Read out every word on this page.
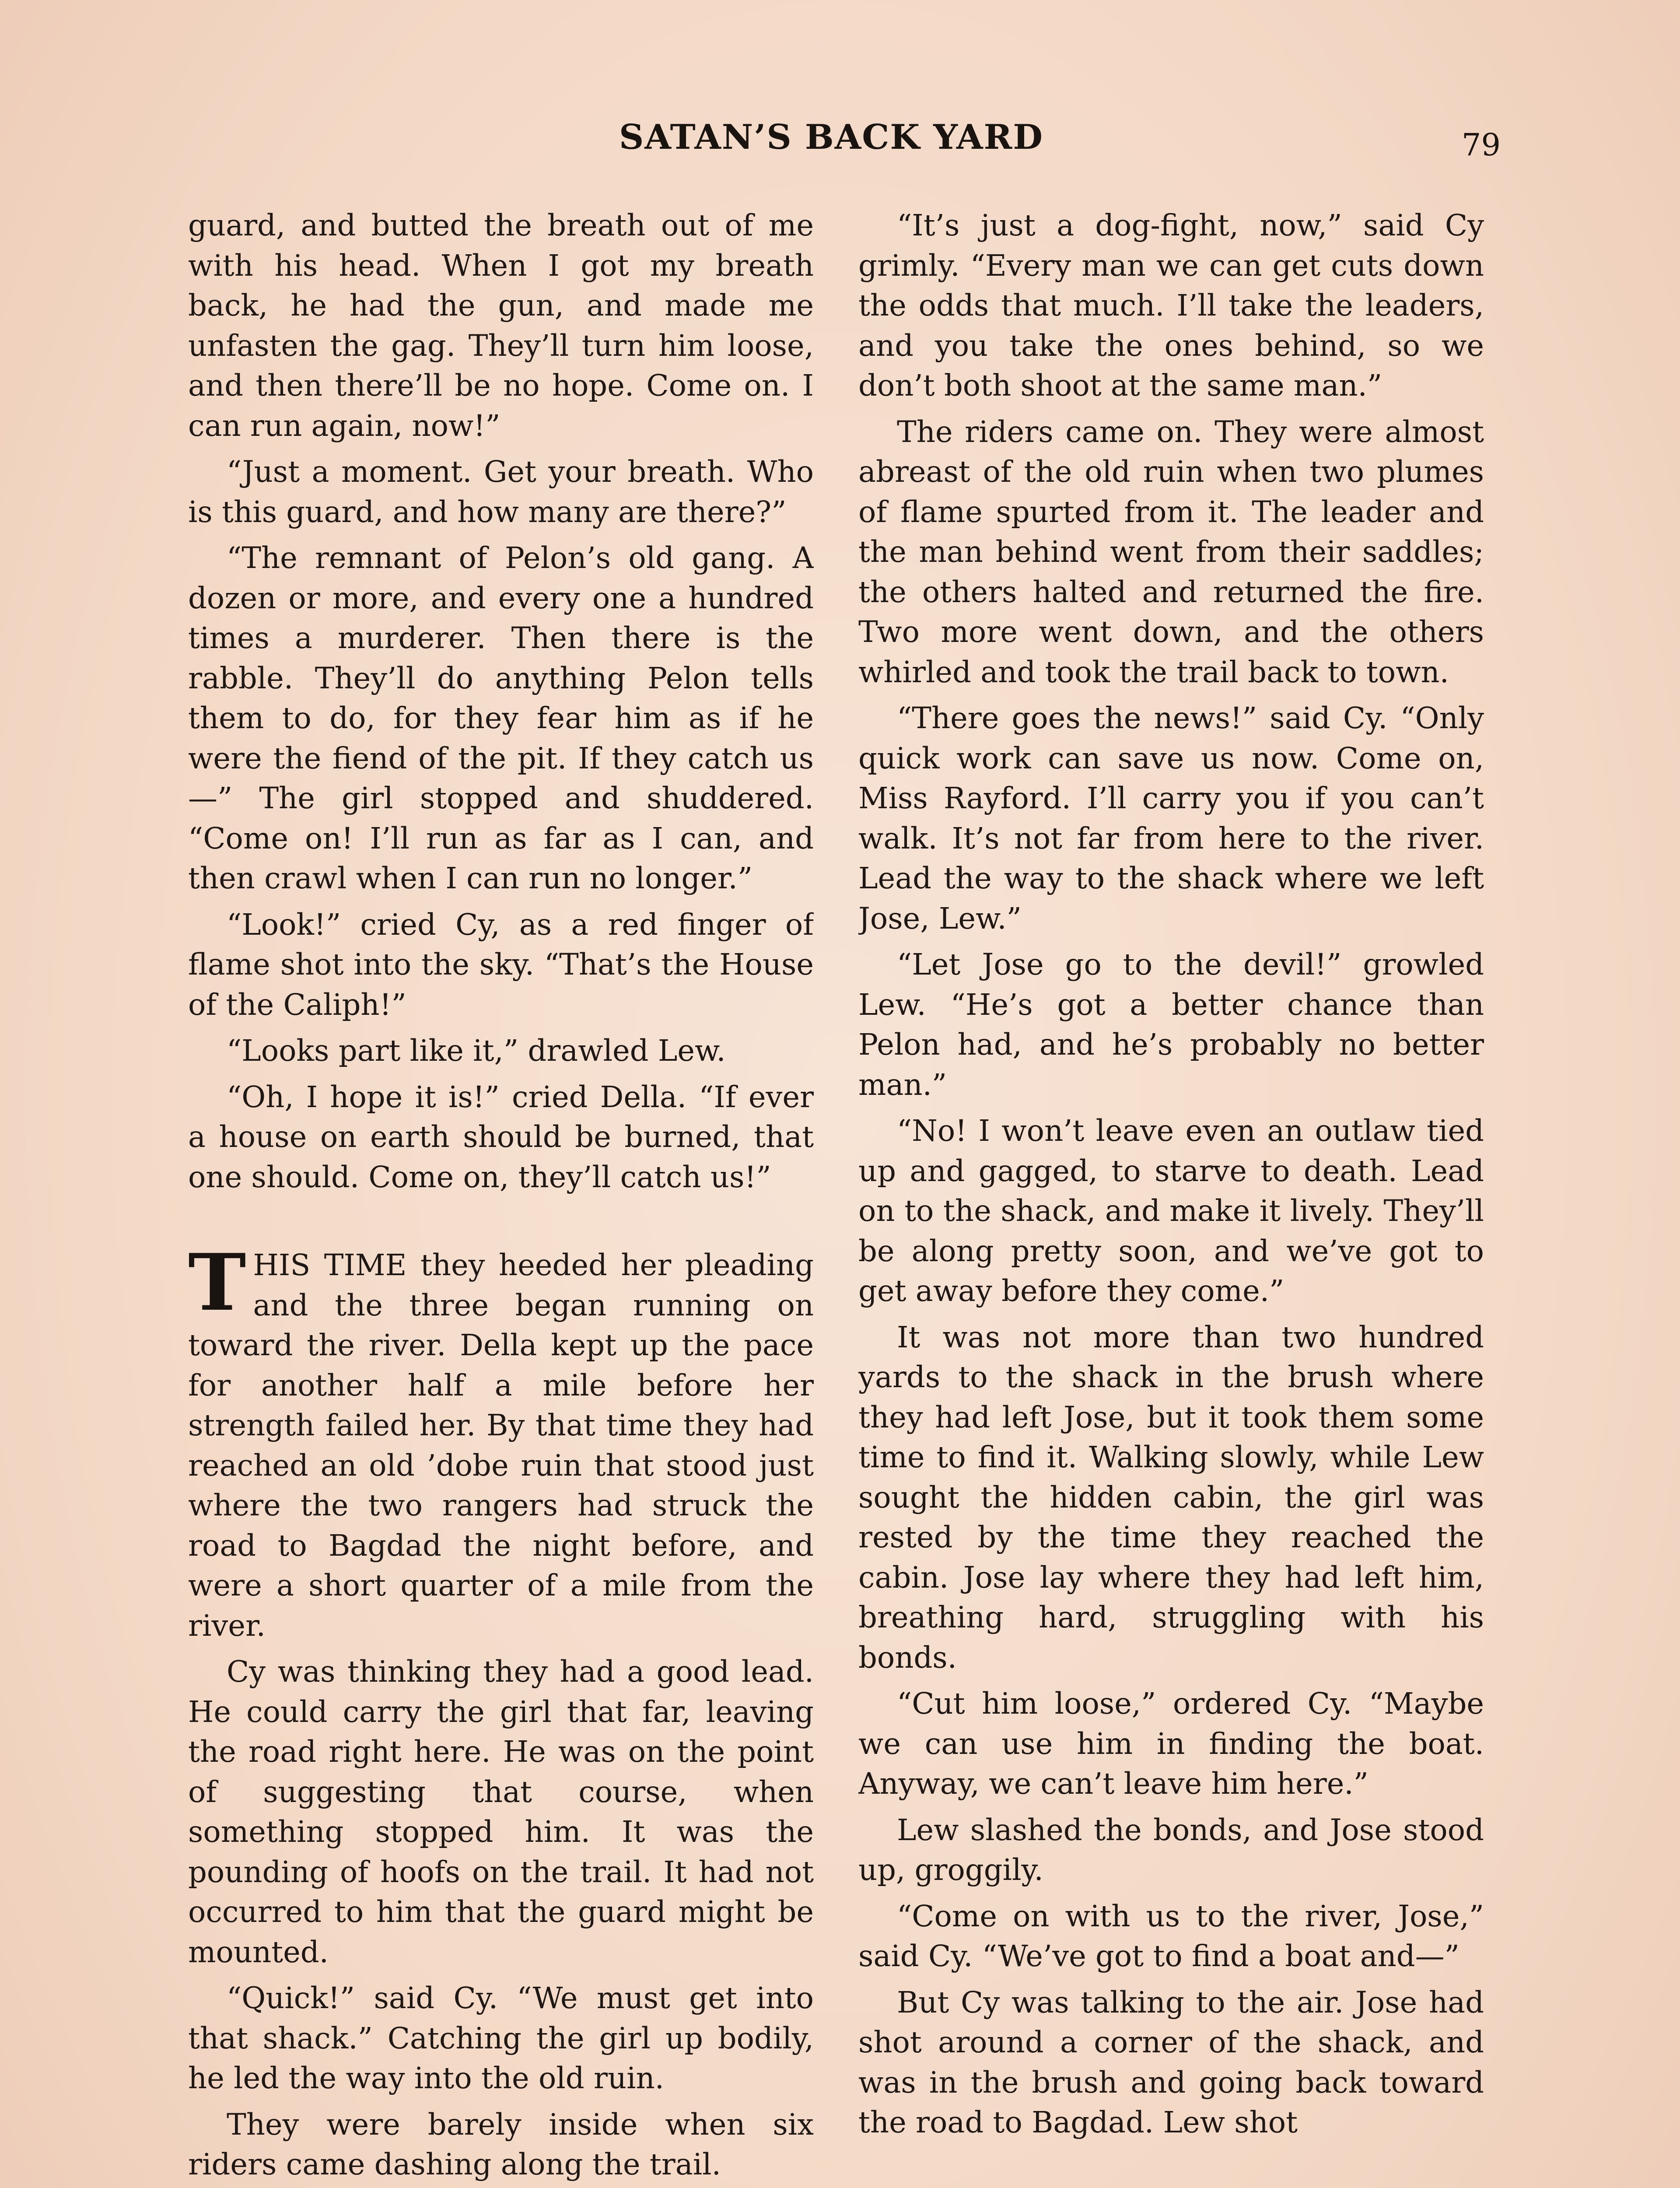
SATAN’S BACK YARD	79

guard, and butted the breath out of me with his head. When I got my breath back, he had the gun, and made me unfasten the gag. They’ll turn him loose, and then there’ll be no hope. Come on. I can run again, now!”

“Just a moment. Get your breath. Who is this guard, and how many are there?”

“The remnant of Pelon’s old gang. A dozen or more, and every one a hundred times a murderer. Then there is the rabble. They’ll do anything Pelon tells them to do, for they fear him as if he were the fiend of the pit. If they catch us—” The girl stopped and shuddered. “Come on! I’ll run as far as I can, and then crawl when I can run no longer.”

“Look!” cried Cy, as a red finger of flame shot into the sky. “That’s the House of the Caliph!”

“Looks part like it,” drawled Lew.

“Oh, I hope it is!” cried Della. “If ever a house on earth should be burned, that one should. Come on, they’ll catch us!”

THIS TIME they heeded her pleading and the three began running on toward the river. Della kept up the pace for another half a mile before her strength failed her. By that time they had reached an old ’dobe ruin that stood just where the two rangers had struck the road to Bagdad the night before, and were a short quarter of a mile from the river.

Cy was thinking they had a good lead. He could carry the girl that far, leaving the road right here. He was on the point of suggesting that course, when something stopped him. It was the pounding of hoofs on the trail. It had not occurred to him that the guard might be mounted.

“Quick!” said Cy. “We must get into that shack.” Catching the girl up bodily, he led the way into the old ruin.

They were barely inside when six riders came dashing along the trail.

“It’s just a dog-fight, now,” said Cy grimly. “Every man we can get cuts down the odds that much. I’ll take the leaders, and you take the ones behind, so we don’t both shoot at the same man.”

The riders came on. They were almost abreast of the old ruin when two plumes of flame spurted from it. The leader and the man behind went from their saddles; the others halted and returned the fire. Two more went down, and the others whirled and took the trail back to town.

“There goes the news!” said Cy. “Only quick work can save us now. Come on, Miss Rayford. I’ll carry you if you can’t walk. It’s not far from here to the river. Lead the way to the shack where we left Jose, Lew.”

“Let Jose go to the devil!” growled Lew. “He’s got a better chance than Pelon had, and he’s probably no better man.”

“No! I won’t leave even an outlaw tied up and gagged, to starve to death. Lead on to the shack, and make it lively. They’ll be along pretty soon, and we’ve got to get away before they come.”

It was not more than two hundred yards to the shack in the brush where they had left Jose, but it took them some time to find it. Walking slowly, while Lew sought the hidden cabin, the girl was rested by the time they reached the cabin. Jose lay where they had left him, breathing hard, struggling with his bonds.

“Cut him loose,” ordered Cy. “Maybe we can use him in finding the boat. Anyway, we can’t leave him here.”

Lew slashed the bonds, and Jose stood up, groggily.

“Come on with us to the river, Jose,” said Cy. “We’ve got to find a boat and—”

But Cy was talking to the air. Jose had shot around a corner of the shack, and was in the brush and going back toward the road to Bagdad. Lew shot
